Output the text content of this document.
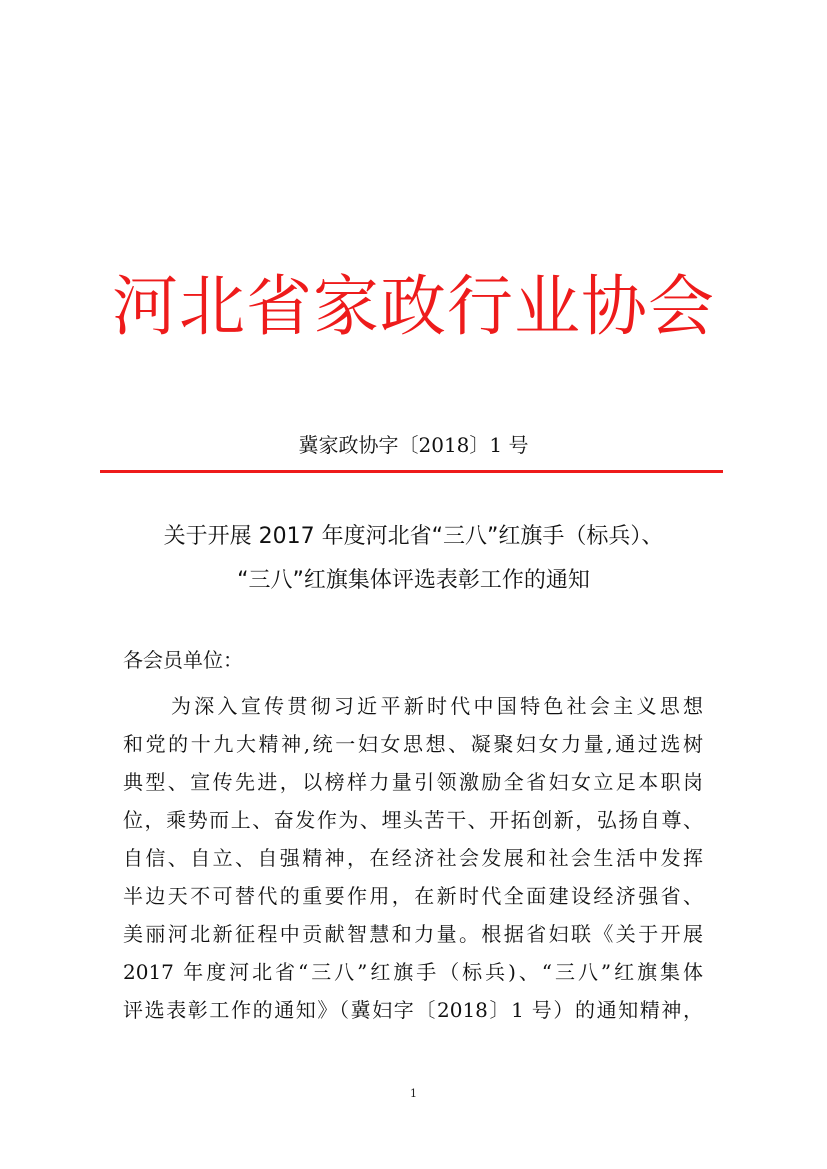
河北省家政行业协会
冀家政协字〔2018〕1 号
关于开展 2017 年度河北省“三八”红旗手（标兵）、
“三八”红旗集体评选表彰工作的通知
各会员单位：
为深入宣传贯彻习近平新时代中国特色社会主义思想
和党的十九大精神,统一妇女思想、凝聚妇女力量,通过选树
典型、宣传先进，以榜样力量引领激励全省妇女立足本职岗
位，乘势而上、奋发作为、埋头苦干、开拓创新，弘扬自尊、
自信、自立、自强精神，在经济社会发展和社会生活中发挥
半边天不可替代的重要作用，在新时代全面建设经济强省、
美丽河北新征程中贡献智慧和力量。根据省妇联《关于开展
2017 年度河北省“三八”红旗手（标兵)、“三八”红旗集体
评选表彰工作的通知》（冀妇字〔2018〕1 号）的通知精神，
1
